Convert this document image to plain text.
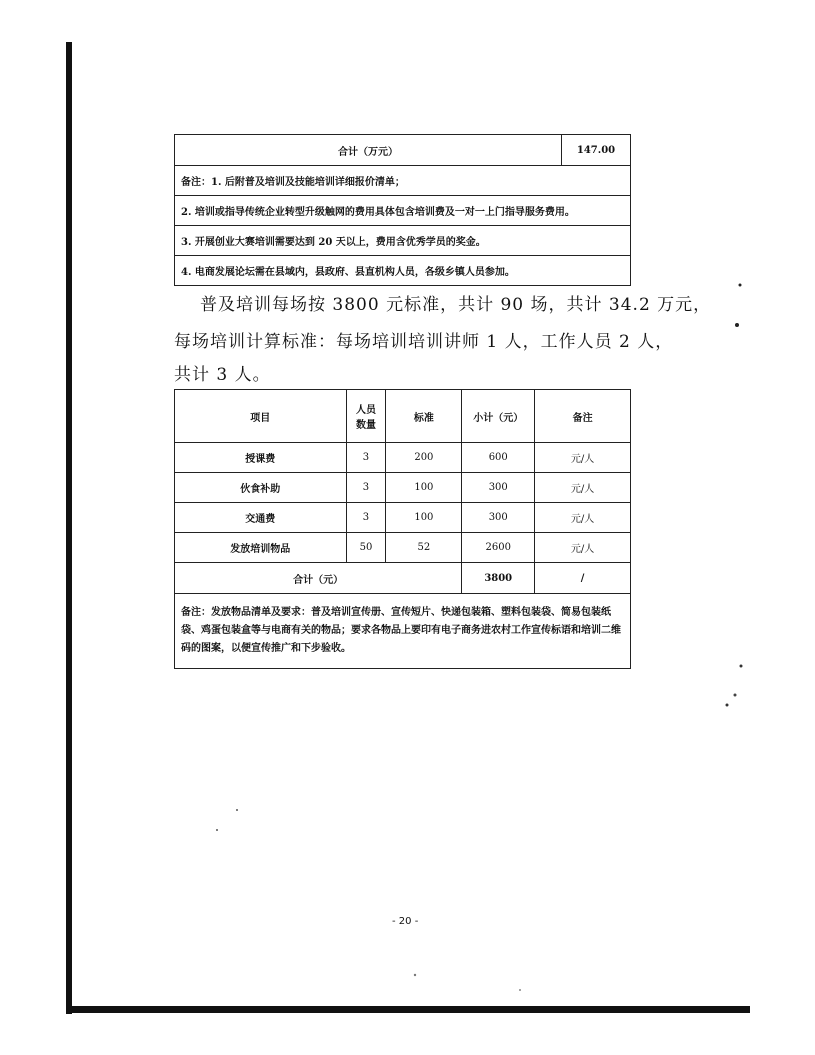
合计（万元）	147.00
备注：1. 后附普及培训及技能培训详细报价清单；
2. 培训或指导传统企业转型升级触网的费用具体包含培训费及一对一上门指导服务费用。
3. 开展创业大赛培训需要达到 20 天以上，费用含优秀学员的奖金。
4. 电商发展论坛需在县域内，县政府、县直机构人员，各级乡镇人员参加。
普及培训每场按 3800 元标准，共计 90 场，共计 34.2 万元，
每场培训计算标准：每场培训培训讲师 1 人，工作人员 2 人，
共计 3 人。
项目	人员数量	标准	小计（元）	备注
授课费	3	200	600	元/人
伙食补助	3	100	300	元/人
交通费	3	100	300	元/人
发放培训物品	50	52	2600	元/人
合计（元）			3800	/
备注：发放物品清单及要求：普及培训宣传册、宣传短片、快递包装箱、塑料包装袋、简易包装纸袋、鸡蛋包装盒等与电商有关的物品；要求各物品上要印有电子商务进农村工作宣传标语和培训二维码的图案，以便宣传推广和下步验收。				
- 20 -
